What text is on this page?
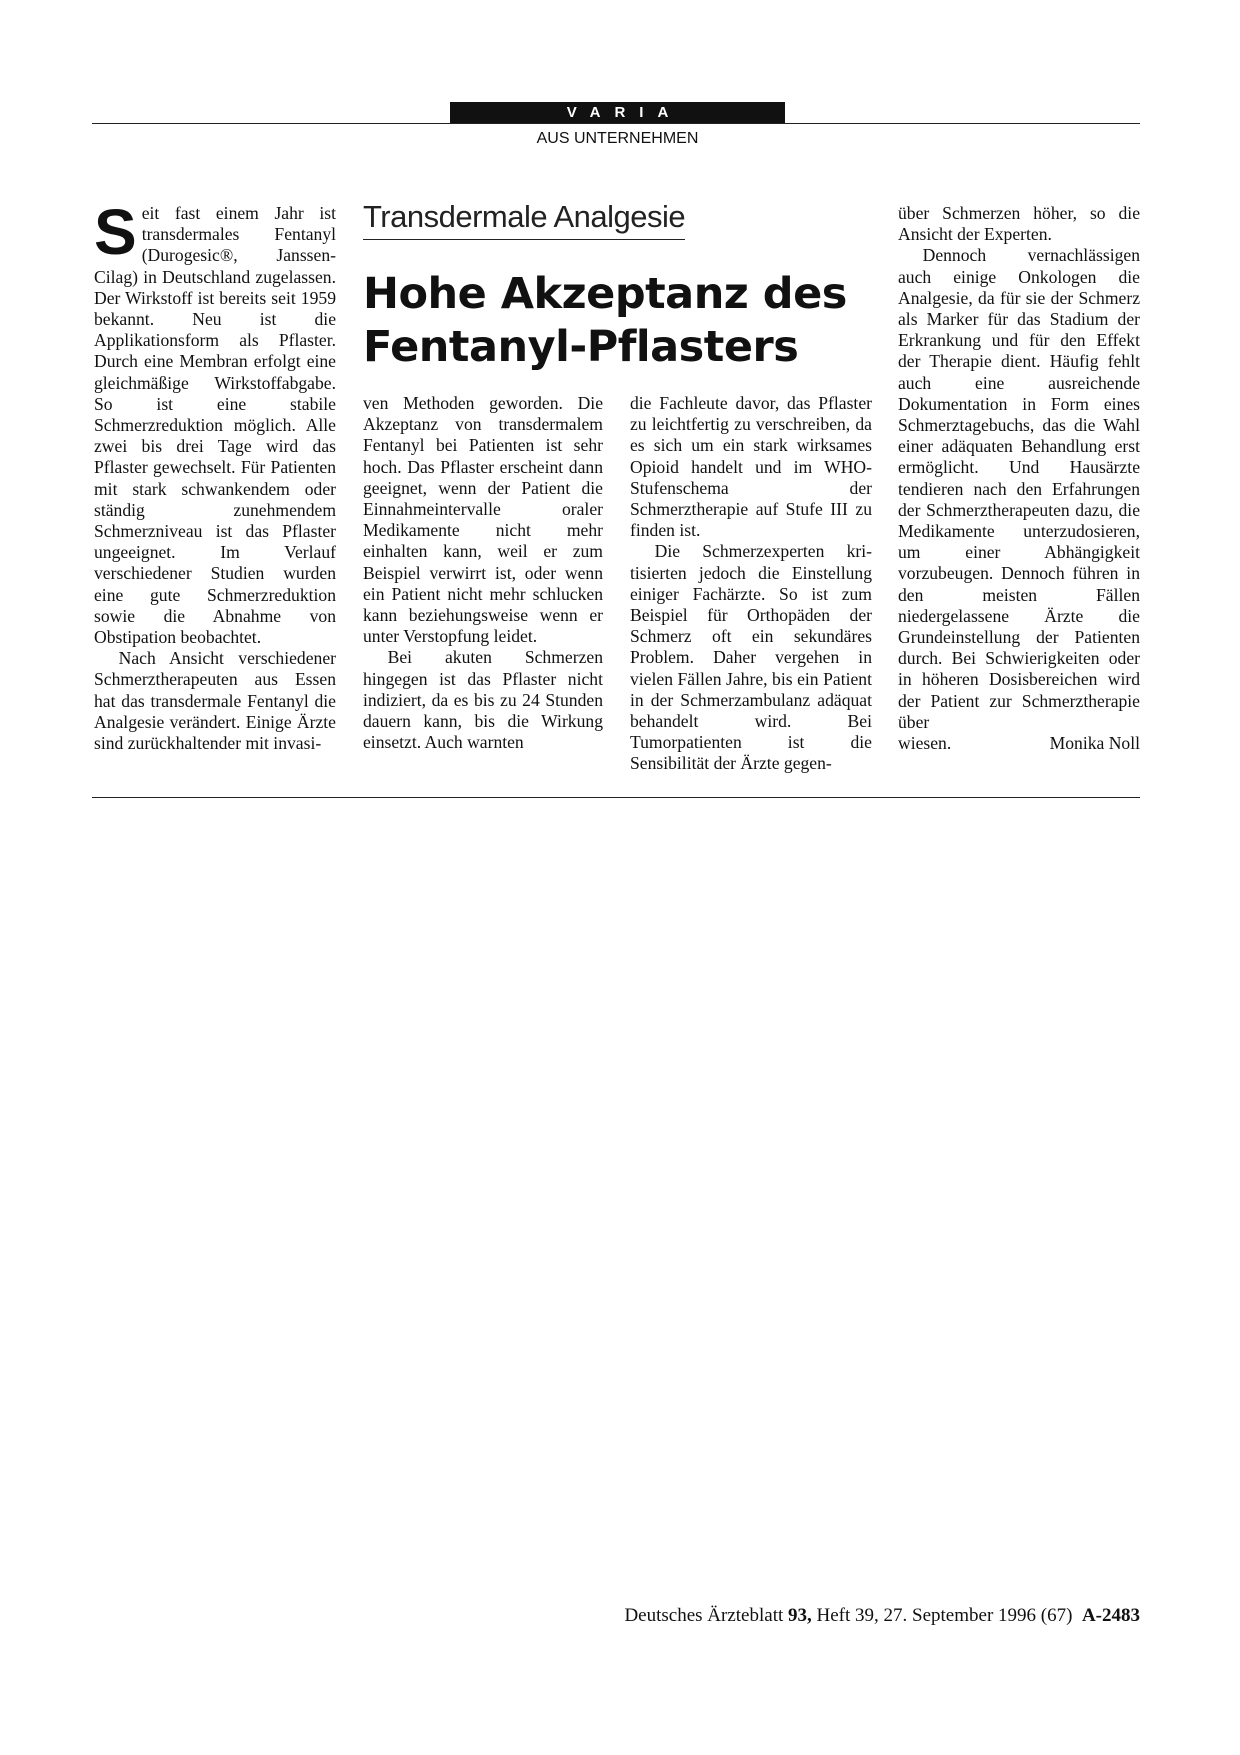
VARIA
AUS UNTERNEHMEN

Seit fast einem Jahr ist transdermales Fentanyl (Durogesic®, Janssen-Cilag) in Deutschland zugelassen. Der Wirkstoff ist bereits seit 1959 bekannt. Neu ist die Applikationsform als Pflaster. Durch eine Membran erfolgt eine gleichmäßige Wirkstoffabgabe. So ist eine stabile Schmerzreduktion möglich. Alle zwei bis drei Tage wird das Pflaster gewechselt. Für Patienten mit stark schwankendem oder ständig zunehmendem Schmerzniveau ist das Pflaster ungeeignet. Im Verlauf verschiedener Studien wurden eine gute Schmerzreduktion sowie die Abnahme von Obstipation beobachtet.

Nach Ansicht verschiedener Schmerztherapeuten aus Essen hat das transdermale Fentanyl die Analgesie verändert. Einige Ärzte sind zurückhaltender mit invasi-

Transdermale Analgesie
Hohe Akzeptanz des
Fentanyl-Pflasters

ven Methoden geworden. Die Akzeptanz von transdermalem Fentanyl bei Patienten ist sehr hoch. Das Pflaster erscheint dann geeignet, wenn der Patient die Einnahmeintervalle oraler Medikamente nicht mehr einhalten kann, weil er zum Beispiel verwirrt ist, oder wenn ein Patient nicht mehr schlucken kann beziehungsweise wenn er unter Verstopfung leidet.

Bei akuten Schmerzen hingegen ist das Pflaster nicht indiziert, da es bis zu 24 Stunden dauern kann, bis die Wirkung einsetzt. Auch warnten

die Fachleute davor, das Pflaster zu leichtfertig zu verschreiben, da es sich um ein stark wirksames Opioid handelt und im WHO-Stufenschema der Schmerztherapie auf Stufe III zu finden ist.

Die Schmerzexperten kritisierten jedoch die Einstellung einiger Fachärzte. So ist zum Beispiel für Orthopäden der Schmerz oft ein sekundäres Problem. Daher vergehen in vielen Fällen Jahre, bis ein Patient in der Schmerzambulanz adäquat behandelt wird. Bei Tumorpatienten ist die Sensibilität der Ärzte gegen-

über Schmerzen höher, so die Ansicht der Experten.

Dennoch vernachlässigen auch einige Onkologen die Analgesie, da für sie der Schmerz als Marker für das Stadium der Erkrankung und für den Effekt der Therapie dient. Häufig fehlt auch eine ausreichende Dokumentation in Form eines Schmerztagebuchs, das die Wahl einer adäquaten Behandlung erst ermöglicht. Und Hausärzte tendieren nach den Erfahrungen der Schmerztherapeuten dazu, die Medikamente unterzudosieren, um einer Abhängigkeit vorzubeugen. Dennoch führen in den meisten Fällen niedergelassene Ärzte die Grundeinstellung der Patienten durch. Bei Schwierigkeiten oder in höheren Dosisbereichen wird der Patient zur Schmerztherapie über

wiesen.	Monika Noll
Deutsches Ärzteblatt 93, Heft 39, 27. September 1996 (67) A-2483
